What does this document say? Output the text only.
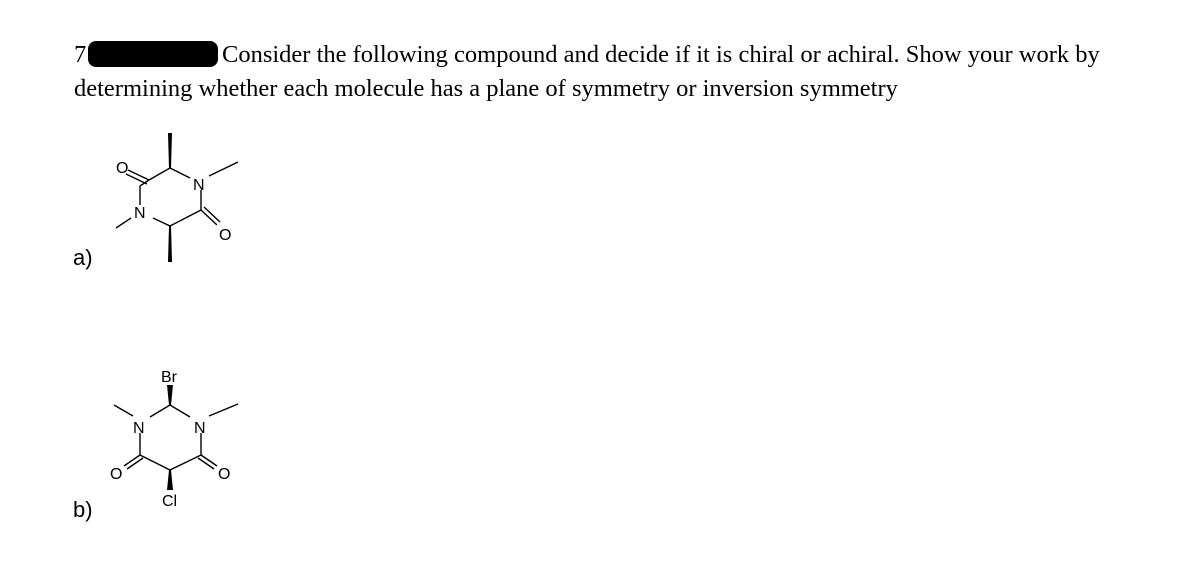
7	Consider the following compound and decide if it is chiral or achiral. Show your work by
determining whether each molecule has a plane of symmetry or inversion symmetry
a)
b)
O
N
N
O
Br
N	N
O	O
Cl
